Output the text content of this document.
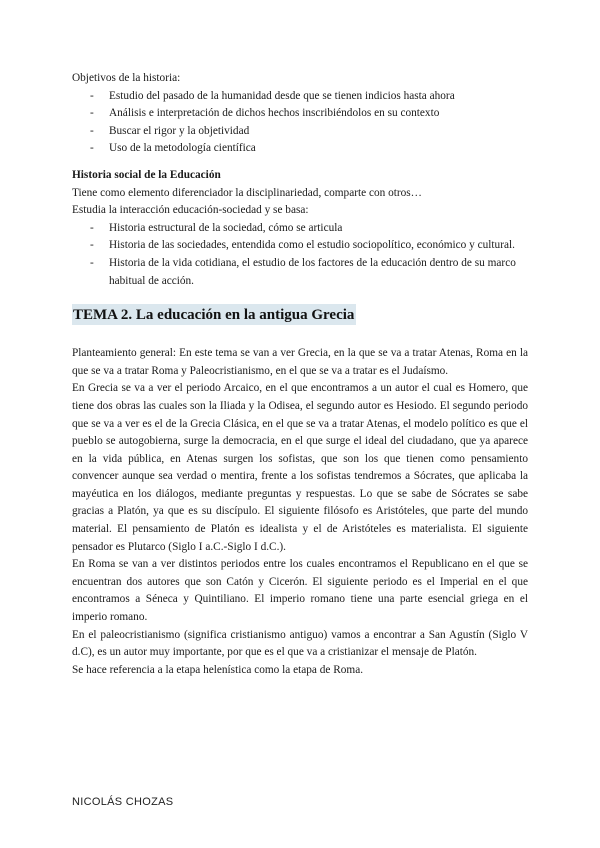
Objetivos de la historia:
- Estudio del pasado de la humanidad desde que se tienen indicios hasta ahora
- Análisis e interpretación de dichos hechos inscribiéndolos en su contexto
- Buscar el rigor y la objetividad
- Uso de la metodología científica
Historia social de la Educación
Tiene como elemento diferenciador la disciplinariedad, comparte con otros…
Estudia la interacción educación-sociedad y se basa:
- Historia estructural de la sociedad, cómo se articula
- Historia de las sociedades, entendida como el estudio sociopolítico, económico y cultural.
- Historia de la vida cotidiana, el estudio de los factores de la educación dentro de su marco habitual de acción.
TEMA 2. La educación en la antigua Grecia
Planteamiento general: En este tema se van a ver Grecia, en la que se va a tratar Atenas, Roma en la que se va a tratar Roma y Paleocristianismo, en el que se va a tratar es el Judaísmo.
En Grecia se va a ver el periodo Arcaico, en el que encontramos a un autor el cual es Homero, que tiene dos obras las cuales son la Iliada y la Odisea, el segundo autor es Hesiodo. El segundo periodo que se va a ver es el de la Grecia Clásica, en el que se va a tratar Atenas, el modelo político es que el pueblo se autogobierna, surge la democracia, en el que surge el ideal del ciudadano, que ya aparece en la vida pública, en Atenas surgen los sofistas, que son los que tienen como pensamiento convencer aunque sea verdad o mentira, frente a los sofistas tendremos a Sócrates, que aplicaba la mayéutica en los diálogos, mediante preguntas y respuestas. Lo que se sabe de Sócrates se sabe gracias a Platón, ya que es su discípulo. El siguiente filósofo es Aristóteles, que parte del mundo material. El pensamiento de Platón es idealista y el de Aristóteles es materialista. El siguiente pensador es Plutarco (Siglo I a.C.-Siglo I d.C.).
En Roma se van a ver distintos periodos entre los cuales encontramos el Republicano en el que se encuentran dos autores que son Catón y Cicerón. El siguiente periodo es el Imperial en el que encontramos a Séneca y Quintiliano. El imperio romano tiene una parte esencial griega en el imperio romano.
En el paleocristianismo (significa cristianismo antiguo) vamos a encontrar a San Agustín (Siglo V d.C), es un autor muy importante, por que es el que va a cristianizar el mensaje de Platón.
Se hace referencia a la etapa helenística como la etapa de Roma.
NICOLÁS CHOZAS
